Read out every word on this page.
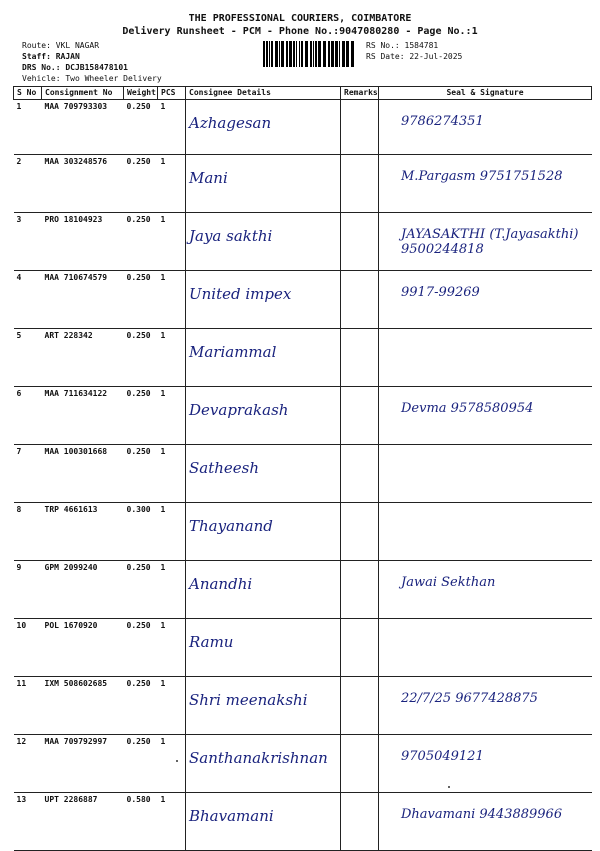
THE PROFESSIONAL COURIERS, COIMBATORE
Delivery Runsheet - PCM - Phone No.:9047080280 - Page No.:1
Route: VKL NAGAR
Staff: RAJAN
DRS No.: DCJB158478101
Vehicle: Two Wheeler Delivery
RS No.: 1584781
RS Date: 22-Jul-2025
S No	Consignment No	Weight	PCS	Consignee Details	Remarks	Seal & Signature
1	MAA 709793303	0.250	1	Azhagesan		9786274351
2	MAA 303248576	0.250	1	Mani		M.Pargasm 9751751528
3	PRO 18104923	0.250	1	Jaya sakthi		JAYASAKTHI (T.Jayasakthi) 9500244818
4	MAA 710674579	0.250	1	United impex		9917-99269
5	ART 228342	0.250	1	Mariammal		
6	MAA 711634122	0.250	1	Devaprakash		Devma 9578580954
7	MAA 100301668	0.250	1	Satheesh		
8	TRP 4661613	0.300	1	Thayanand		
9	GPM 2099240	0.250	1	Anandhi		Jawai Sekthan
10	POL 1670920	0.250	1	Ramu		
11	IXM 508602685	0.250	1	Shri meenakshi		22/7/25 9677428875
12	MAA 709792997	0.250	1	Santhanakrishnan		9705049121
13	UPT 2286887	0.580	1	Bhavamani		Dhavamani 9443889966
